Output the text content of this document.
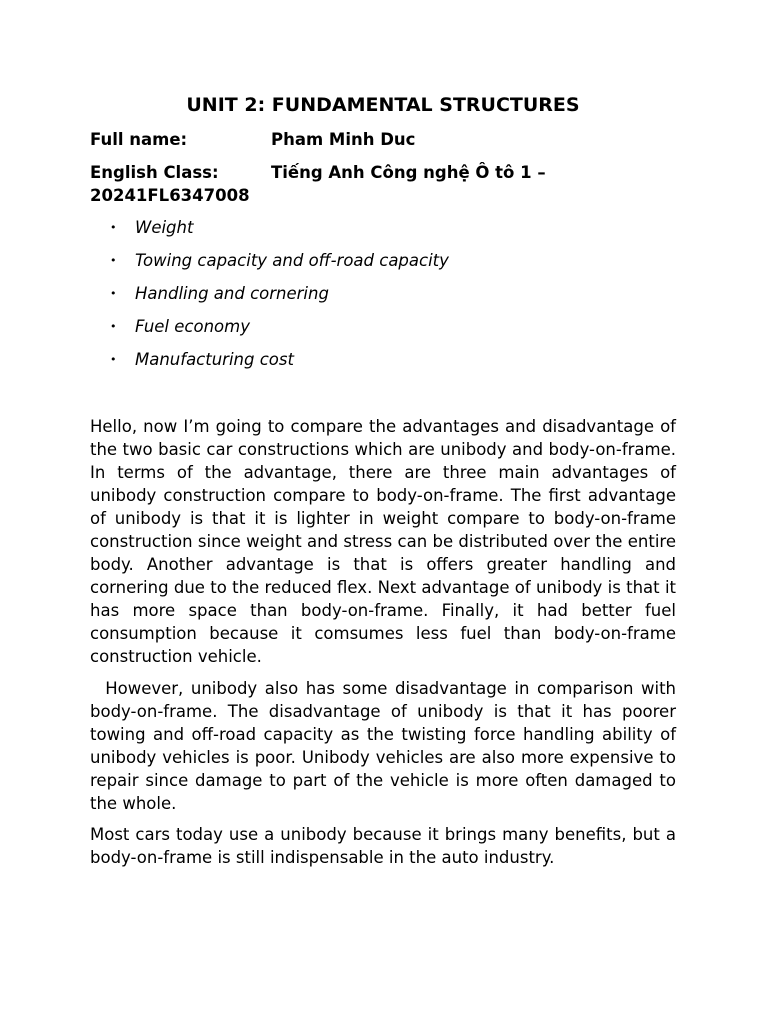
UNIT 2: FUNDAMENTAL STRUCTURES
Full name:	Pham Minh Duc
English Class:	Tiếng Anh Công nghệ Ô tô 1 – 20241FL6347008
• Weight
• Towing capacity and off-road capacity
• Handling and cornering
• Fuel economy
• Manufacturing cost

Hello, now I’m going to compare the advantages and disadvantage of the two basic car constructions which are unibody and body-on-frame. In terms of the advantage, there are three main advantages of unibody construction compare to body-on-frame. The first advantage of unibody is that it is lighter in weight compare to body-on-frame construction since weight and stress can be distributed over the entire body. Another advantage is that is offers greater handling and cornering due to the reduced flex. Next advantage of unibody is that it has more space than body-on-frame. Finally, it had better fuel consumption because it comsumes less fuel than body-on-frame construction vehicle.

However, unibody also has some disadvantage in comparison with body-on-frame. The disadvantage of unibody is that it has poorer towing and off-road capacity as the twisting force handling ability of unibody vehicles is poor. Unibody vehicles are also more expensive to repair since damage to part of the vehicle is more often damaged to the whole.

Most cars today use a unibody because it brings many benefits, but a body-on-frame is still indispensable in the auto industry.
